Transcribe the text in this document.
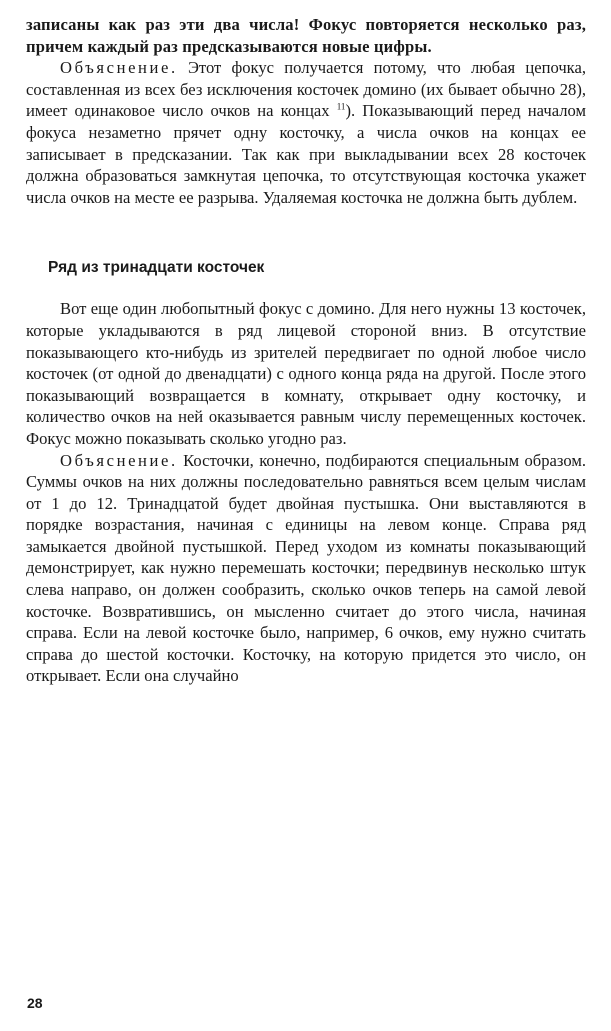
записаны как раз эти два числа! Фокус повторяется несколько раз, причем каждый раз предсказываются новые цифры.

Объяснение. Этот фокус получается потому, что любая цепочка, составленная из всех без исключения косточек домино (их бывает обычно 28), имеет одинаковое число очков на концах $^{11}$). Показывающий перед началом фокуса незаметно прячет одну косточку, а числа очков на концах ее записывает в предсказании. Так как при выкладывании всех 28 косточек должна образоваться замкнутая цепочка, то отсутствующая косточка укажет числа очков на месте ее разрыва. Удаляемая косточка не должна быть дублем.

Ряд из тринадцати косточек

Вот еще один любопытный фокус с домино. Для него нужны 13 косточек, которые укладываются в ряд лицевой стороной вниз. В отсутствие показывающего кто-нибудь из зрителей передвигает по одной любое число косточек (от одной до двенадцати) с одного конца ряда на другой. После этого показывающий возвращается в комнату, открывает одну косточку, и количество очков на ней оказывается равным числу перемещенных косточек. Фокус можно показывать сколько угодно раз.

Объяснение. Косточки, конечно, подбираются специальным образом. Суммы очков на них должны последовательно равняться всем целым числам от 1 до 12. Тринадцатой будет двойная пустышка. Они выставляются в порядке возрастания, начиная с единицы на левом конце. Справа ряд замыкается двойной пустышкой. Перед уходом из комнаты показывающий демонстрирует, как нужно перемешать косточки; передвинув несколько штук слева направо, он должен сообразить, сколько очков теперь на самой левой косточке. Возвратившись, он мысленно считает до этого числа, начиная справа. Если на левой косточке было, например, 6 очков, ему нужно считать справа до шестой косточки. Косточку, на которую придется это число, он открывает. Если она случайно

28
